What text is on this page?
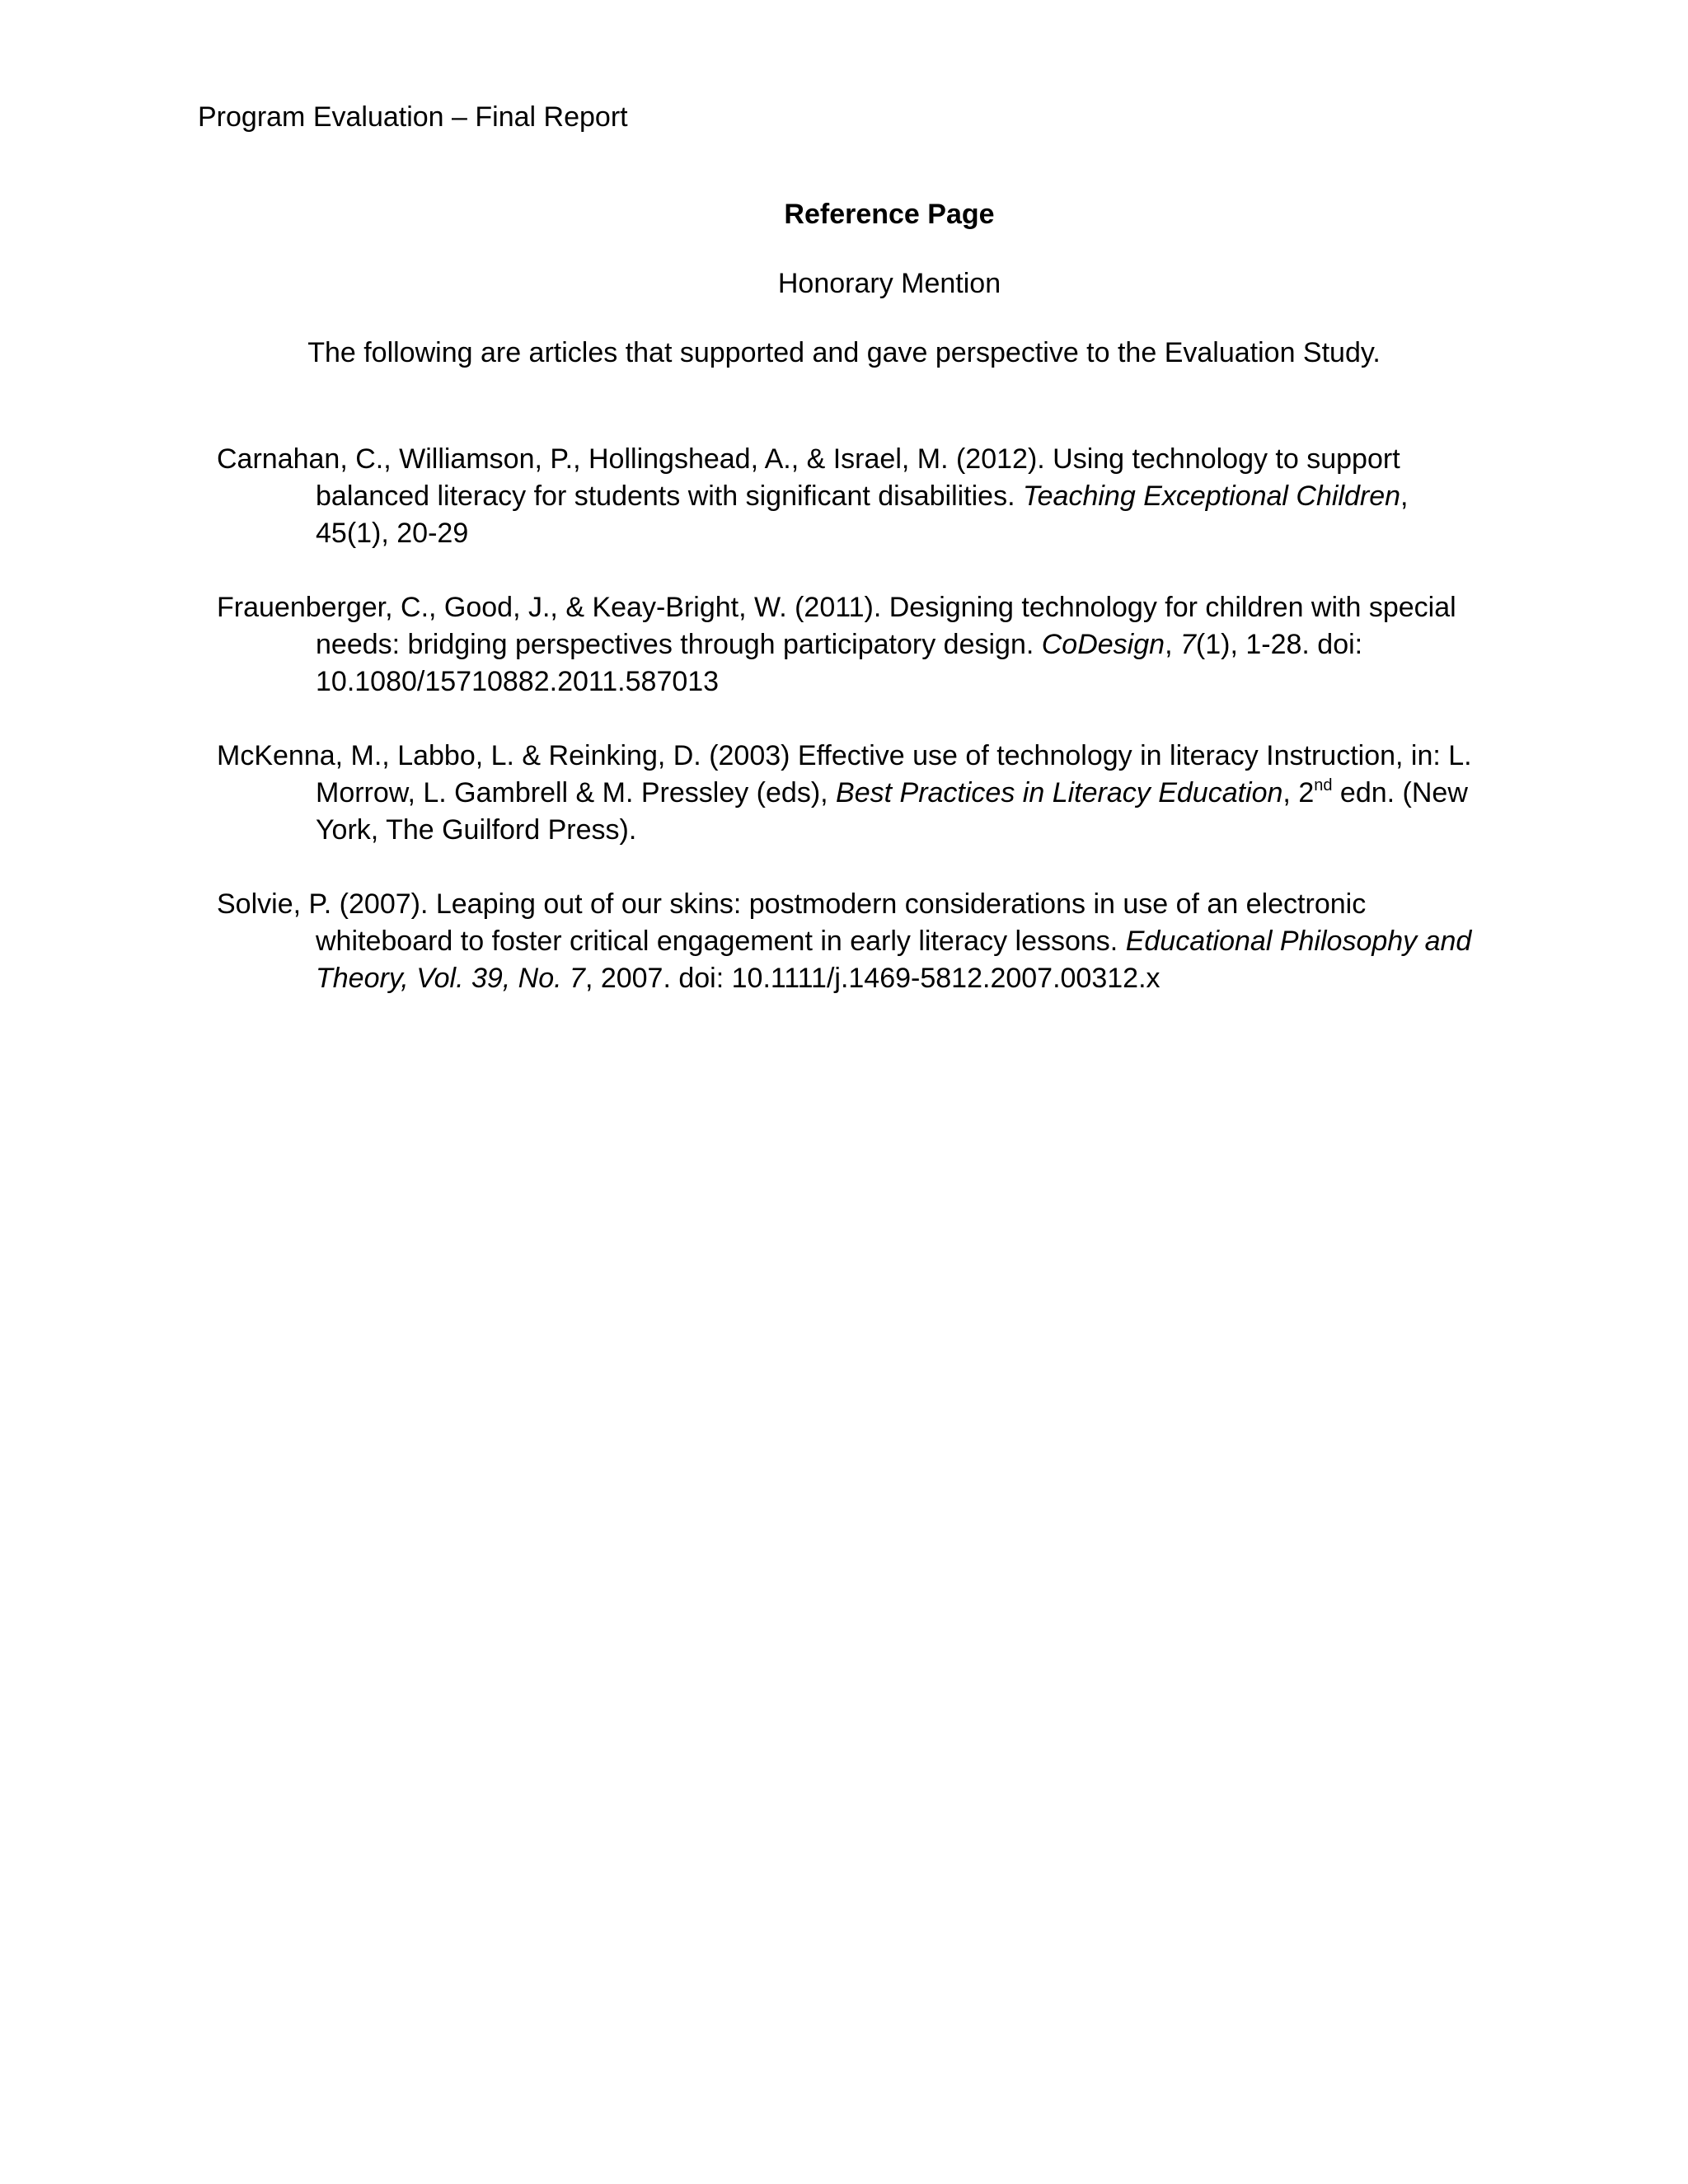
Program Evaluation – Final Report
Reference Page
Honorary Mention
The following are articles that supported and gave perspective to the Evaluation Study.
Carnahan, C., Williamson, P., Hollingshead, A., & Israel, M. (2012). Using technology to support
balanced literacy for students with significant disabilities. Teaching Exceptional Children,
45(1), 20-29
Frauenberger, C., Good, J., & Keay-Bright, W. (2011). Designing technology for children with special
needs: bridging perspectives through participatory design. CoDesign, 7(1), 1-28. doi:
10.1080/15710882.2011.587013
McKenna, M., Labbo, L. & Reinking, D. (2003) Effective use of technology in literacy Instruction, in: L.
Morrow, L. Gambrell & M. Pressley (eds), Best Practices in Literacy Education, 2nd edn. (New
York, The Guilford Press).
Solvie, P. (2007). Leaping out of our skins: postmodern considerations in use of an electronic
whiteboard to foster critical engagement in early literacy lessons. Educational Philosophy and
Theory, Vol. 39, No. 7, 2007. doi: 10.1111/j.1469-5812.2007.00312.x
